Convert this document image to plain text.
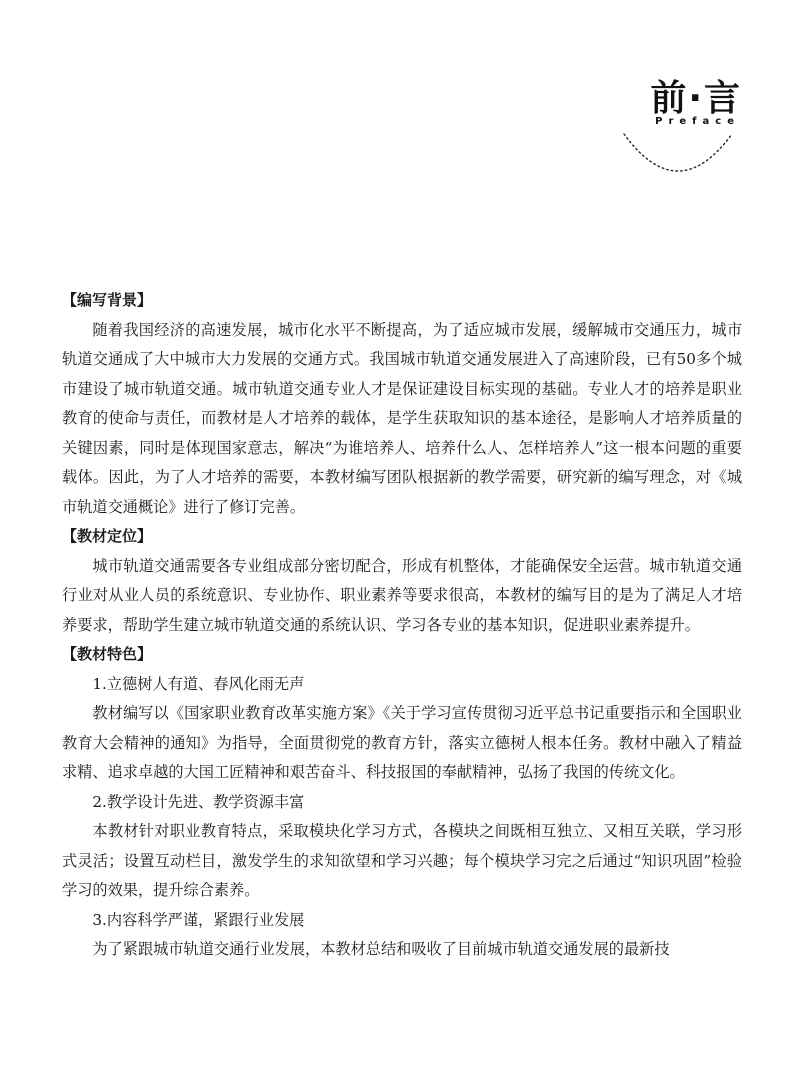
前·言
Preface
【编写背景】

随着我国经济的高速发展，城市化水平不断提高，为了适应城市发展，缓解城市交通压力，城市轨道交通成了大中城市大力发展的交通方式。我国城市轨道交通发展进入了高速阶段，已有50多个城市建设了城市轨道交通。城市轨道交通专业人才是保证建设目标实现的基础。专业人才的培养是职业教育的使命与责任，而教材是人才培养的载体，是学生获取知识的基本途径，是影响人才培养质量的关键因素，同时是体现国家意志，解决“为谁培养人、培养什么人、怎样培养人”这一根本问题的重要载体。因此，为了人才培养的需要，本教材编写团队根据新的教学需要，研究新的编写理念，对《城市轨道交通概论》进行了修订完善。

【教材定位】

城市轨道交通需要各专业组成部分密切配合，形成有机整体，才能确保安全运营。城市轨道交通行业对从业人员的系统意识、专业协作、职业素养等要求很高，本教材的编写目的是为了满足人才培养要求，帮助学生建立城市轨道交通的系统认识、学习各专业的基本知识，促进职业素养提升。

【教材特色】
1.立德树人有道、春风化雨无声

教材编写以《国家职业教育改革实施方案》《关于学习宣传贯彻习近平总书记重要指示和全国职业教育大会精神的通知》为指导，全面贯彻党的教育方针，落实立德树人根本任务。教材中融入了精益求精、追求卓越的大国工匠精神和艰苦奋斗、科技报国的奉献精神，弘扬了我国的传统文化。

2.教学设计先进、教学资源丰富

本教材针对职业教育特点，采取模块化学习方式，各模块之间既相互独立、又相互关联，学习形式灵活；设置互动栏目，激发学生的求知欲望和学习兴趣；每个模块学习完之后通过“知识巩固”检验学习的效果，提升综合素养。

3.内容科学严谨，紧跟行业发展

为了紧跟城市轨道交通行业发展，本教材总结和吸收了目前城市轨道交通发展的最新技
